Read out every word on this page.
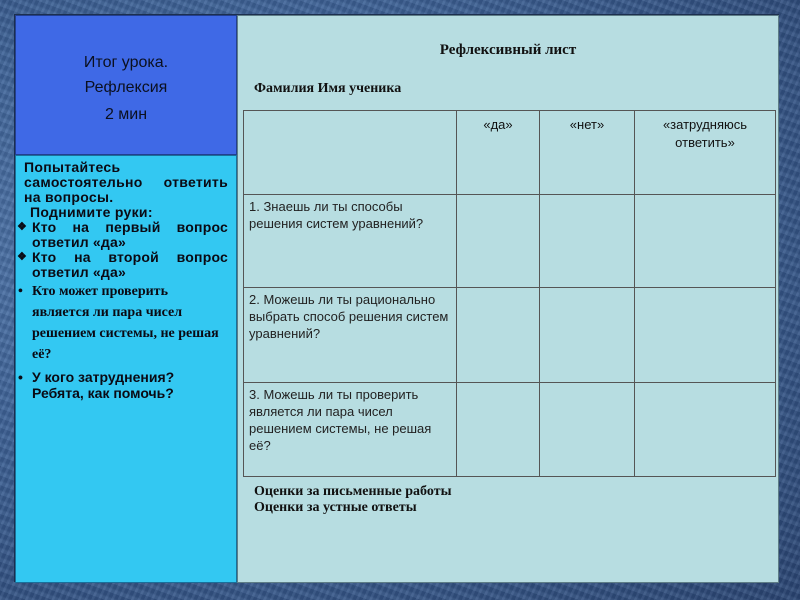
Итог урока.
Рефлексия
2 мин
Попытайтесь самостоятельно ответить на вопросы.
Поднимите руки:
❖ Кто на первый вопрос ответил «да»
❖ Кто на второй вопрос ответил «да»
• Кто может проверить является ли пара чисел решением системы, не решая её?
• У кого затруднения? Ребята, как помочь?
Рефлексивный лист
Фамилия Имя ученика
	«да»	«нет»	«затрудняюсь ответить»
1. Знаешь ли ты способы решения систем уравнений?			
2. Можешь ли ты рационально выбрать способ решения систем уравнений?			
3. Можешь ли ты проверить является ли пара чисел решением системы, не решая её?			
Оценки за письменные работы
Оценки за устные ответы
